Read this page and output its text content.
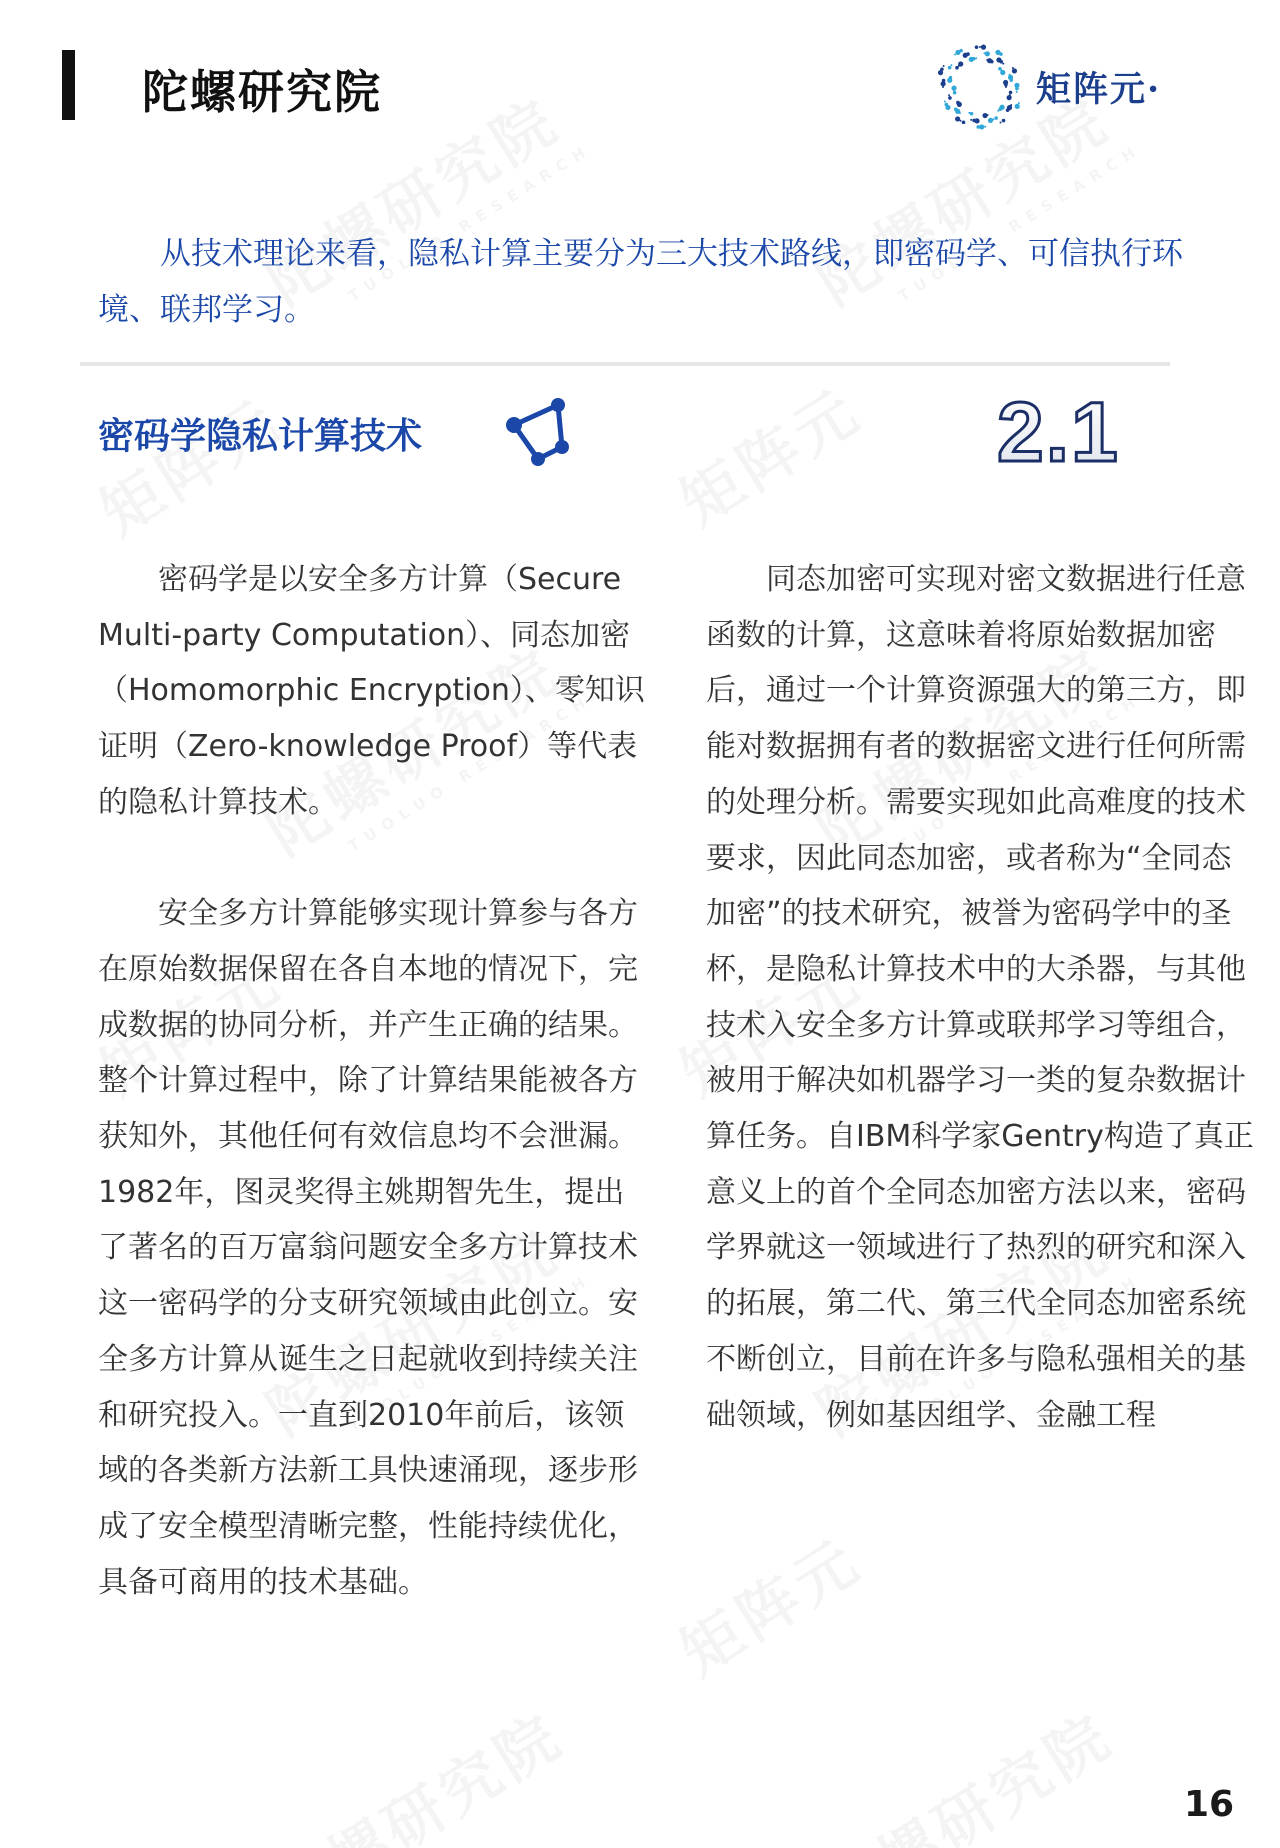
陀螺研究院	矩阵元·
从技术理论来看，隐私计算主要分为三大技术路线，即密码学、可信执行环境、联邦学习。
密码学隐私计算技术	2.1

密码学是以安全多方计算（Secure Multi-party Computation）、同态加密（Homomorphic Encryption）、零知识证明（Zero-knowledge Proof）等代表的隐私计算技术。

安全多方计算能够实现计算参与各方在原始数据保留在各自本地的情况下，完成数据的协同分析，并产生正确的结果。整个计算过程中，除了计算结果能被各方获知外，其他任何有效信息均不会泄漏。1982年，图灵奖得主姚期智先生，提出了著名的百万富翁问题安全多方计算技术这一密码学的分支研究领域由此创立。安全多方计算从诞生之日起就收到持续关注和研究投入。一直到2010年前后，该领域的各类新方法新工具快速涌现，逐步形成了安全模型清晰完整，性能持续优化，具备可商用的技术基础。

同态加密可实现对密文数据进行任意函数的计算，这意味着将原始数据加密后，通过一个计算资源强大的第三方，即能对数据拥有者的数据密文进行任何所需的处理分析。需要实现如此高难度的技术要求，因此同态加密，或者称为“全同态加密”的技术研究，被誉为密码学中的圣杯，是隐私计算技术中的大杀器，与其他技术入安全多方计算或联邦学习等组合，被用于解决如机器学习一类的复杂数据计算任务。自IBM科学家Gentry构造了真正意义上的首个全同态加密方法以来，密码学界就这一领域进行了热烈的研究和深入的拓展，第二代、第三代全同态加密系统不断创立，目前在许多与隐私强相关的基础领域，例如基因组学、金融工程

16
